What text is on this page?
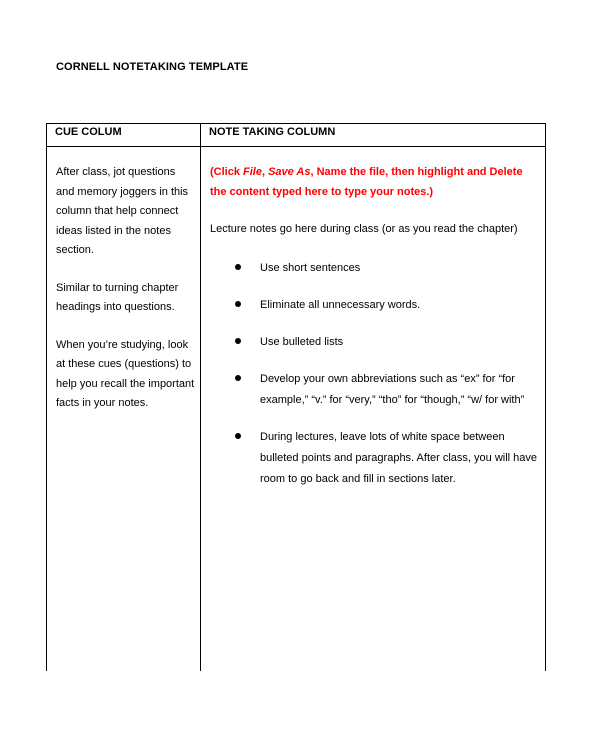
CORNELL NOTETAKING TEMPLATE
CUE COLUM	NOTE TAKING COLUMN

After class, jot questions and memory joggers in this column that help connect ideas listed in the notes section.

Similar to turning chapter headings into questions.

When you’re studying, look at these cues (questions) to help you recall the important facts in your notes.

(Click File, Save As, Name the file, then highlight and Delete the content typed here to type your notes.)

Lecture notes go here during class (or as you read the chapter)

Use short sentences
Eliminate all unnecessary words.
Use bulleted lists
Develop your own abbreviations such as “ex” for “for example,” “v.” for “very,” “tho” for “though,” “w/ for with”
During lectures, leave lots of white space between bulleted points and paragraphs. After class, you will have room to go back and fill in sections later.
